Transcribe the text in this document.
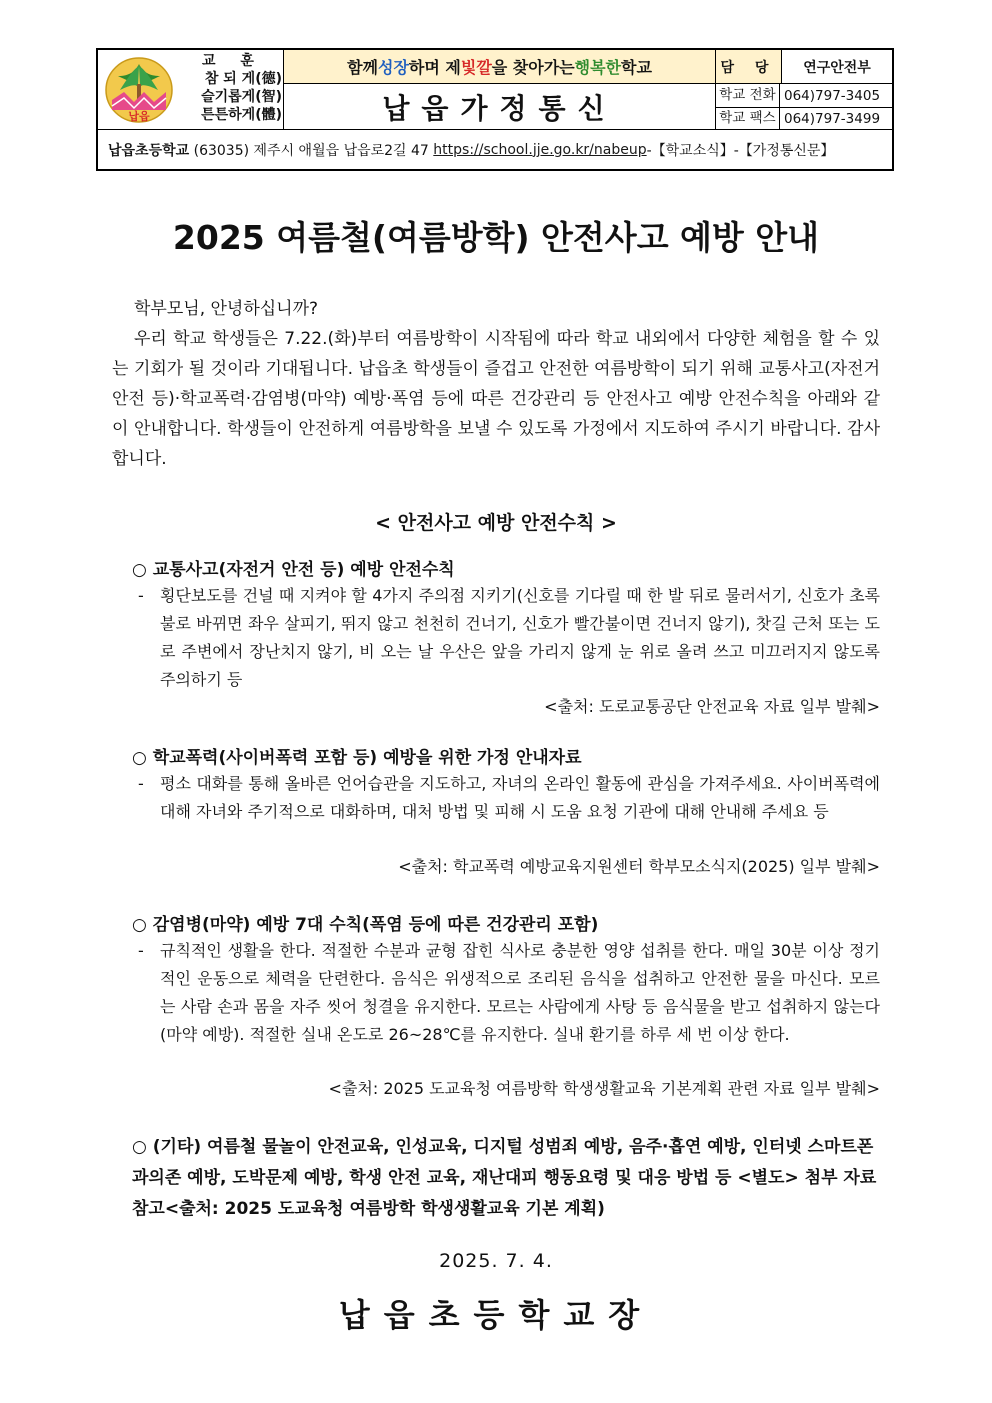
납읍
교 훈
참 되 게(德)
슬기롭게(智)
튼튼하게(體)
함께 성장 하며 제 빛깔 을 찾아가는 행복한 학교
납읍가정통신
담 당	연구안전부
학교 전화 064)797-3405
학교 팩스 064)797-3499
납읍초등학교
(63035) 제주시 애월읍 납읍로2길 47
https://school.jje.go.kr/nabeup -【학교소식】-【가정통신문】
2025 여름철(여름방학) 안전사고 예방 안내
학부모님, 안녕하십니까?
우리 학교 학생들은 7.22.(화)부터 여름방학이 시작됨에 따라 학교 내외에서 다양한 체험을 할 수 있는 기회가 될 것이라 기대됩니다. 납읍초 학생들이 즐겁고 안전한 여름방학이 되기 위해 교통사고(자전거 안전 등)·학교폭력·감염병(마약) 예방·폭염 등에 따른 건강관리 등 안전사고 예방 안전수칙을 아래와 같이 안내합니다. 학생들이 안전하게 여름방학을 보낼 수 있도록 가정에서 지도하여 주시기 바랍니다. 감사합니다.
< 안전사고 예방 안전수칙 >
○ 교통사고(자전거 안전 등) 예방 안전수칙
-	횡단보도를 건널 때 지켜야 할 4가지 주의점 지키기(신호를 기다릴 때 한 발 뒤로 물러서기, 신호가 초록불로 바뀌면 좌우 살피기, 뛰지 않고 천천히 건너기, 신호가 빨간불이면 건너지 않기), 찻길 근처 또는 도로 주변에서 장난치지 않기, 비 오는 날 우산은 앞을 가리지 않게 눈 위로 올려 쓰고 미끄러지지 않도록 주의하기 등
<출처: 도로교통공단 안전교육 자료 일부 발췌>
○ 학교폭력(사이버폭력 포함 등) 예방을 위한 가정 안내자료
-	평소 대화를 통해 올바른 언어습관을 지도하고, 자녀의 온라인 활동에 관심을 가져주세요. 사이버폭력에 대해 자녀와 주기적으로 대화하며, 대처 방법 및 피해 시 도움 요청 기관에 대해 안내해 주세요 등
<출처: 학교폭력 예방교육지원센터 학부모소식지(2025) 일부 발췌>
○ 감염병(마약) 예방 7대 수칙(폭염 등에 따른 건강관리 포함)
-	규칙적인 생활을 한다. 적절한 수분과 균형 잡힌 식사로 충분한 영양 섭취를 한다. 매일 30분 이상 정기적인 운동으로 체력을 단련한다. 음식은 위생적으로 조리된 음식을 섭취하고 안전한 물을 마신다. 모르는 사람 손과 몸을 자주 씻어 청결을 유지한다. 모르는 사람에게 사탕 등 음식물을 받고 섭취하지 않는다(마약 예방). 적절한 실내 온도로 26~28℃를 유지한다. 실내 환기를 하루 세 번 이상 한다.
<출처: 2025 도교육청 여름방학 학생생활교육 기본계획 관련 자료 일부 발췌>
○ (기타) 여름철 물놀이 안전교육, 인성교육, 디지털 성범죄 예방, 음주·흡연 예방, 인터넷 스마트폰 과의존 예방, 도박문제 예방, 학생 안전 교육, 재난대피 행동요령 및 대응 방법 등 <별도> 첨부 자료 참고<출처: 2025 도교육청 여름방학 학생생활교육 기본 계획)
2025. 7. 4.
납읍초등학교장
